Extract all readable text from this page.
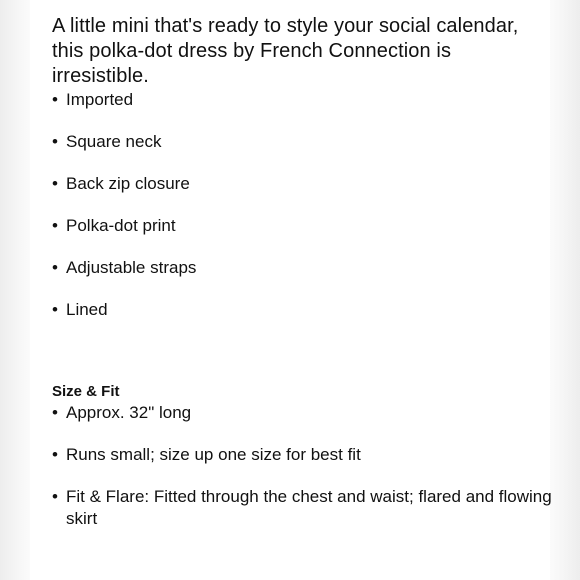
A little mini that's ready to style your social calendar, this polka-dot dress by French Connection is irresistible.

• Imported
• Square neck
• Back zip closure
• Polka-dot print
• Adjustable straps
• Lined
Size & Fit
• Approx. 32" long
• Runs small; size up one size for best fit
• Fit & Flare: Fitted through the chest and waist; flared and flowing skirt
